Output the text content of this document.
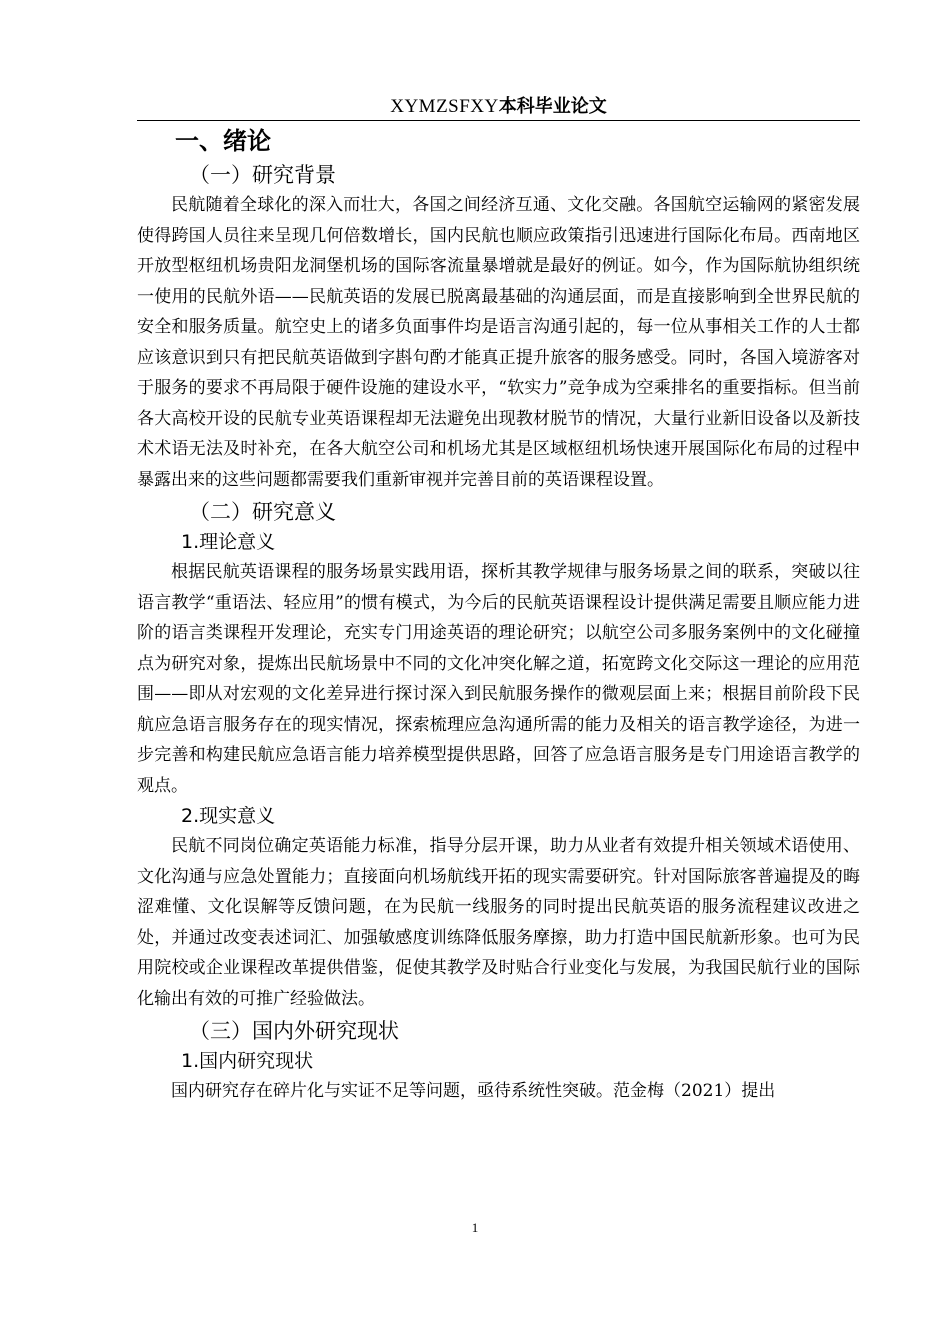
XYMZSFXY本科毕业论文
一、绪论
（一）研究背景

民航随着全球化的深入而壮大，各国之间经济互通、文化交融。各国航空运输网的紧密发展使得跨国人员往来呈现几何倍数增长，国内民航也顺应政策指引迅速进行国际化布局。西南地区开放型枢纽机场贵阳龙洞堡机场的国际客流量暴增就是最好的例证。如今，作为国际航协组织统一使用的民航外语——民航英语的发展已脱离最基础的沟通层面，而是直接影响到全世界民航的安全和服务质量。航空史上的诸多负面事件均是语言沟通引起的，每一位从事相关工作的人士都应该意识到只有把民航英语做到字斟句酌才能真正提升旅客的服务感受。同时，各国入境游客对于服务的要求不再局限于硬件设施的建设水平，“软实力”竞争成为空乘排名的重要指标。但当前各大高校开设的民航专业英语课程却无法避免出现教材脱节的情况，大量行业新旧设备以及新技术术语无法及时补充，在各大航空公司和机场尤其是区域枢纽机场快速开展国际化布局的过程中暴露出来的这些问题都需要我们重新审视并完善目前的英语课程设置。

（二）研究意义
1.理论意义

根据民航英语课程的服务场景实践用语，探析其教学规律与服务场景之间的联系，突破以往语言教学“重语法、轻应用”的惯有模式，为今后的民航英语课程设计提供满足需要且顺应能力进阶的语言类课程开发理论，充实专门用途英语的理论研究；以航空公司多服务案例中的文化碰撞点为研究对象，提炼出民航场景中不同的文化冲突化解之道，拓宽跨文化交际这一理论的应用范围——即从对宏观的文化差异进行探讨深入到民航服务操作的微观层面上来；根据目前阶段下民航应急语言服务存在的现实情况，探索梳理应急沟通所需的能力及相关的语言教学途径，为进一步完善和构建民航应急语言能力培养模型提供思路，回答了应急语言服务是专门用途语言教学的观点。

2.现实意义

民航不同岗位确定英语能力标准，指导分层开课，助力从业者有效提升相关领域术语使用、文化沟通与应急处置能力；直接面向机场航线开拓的现实需要研究。针对国际旅客普遍提及的晦涩难懂、文化误解等反馈问题，在为民航一线服务的同时提出民航英语的服务流程建议改进之处，并通过改变表述词汇、加强敏感度训练降低服务摩擦，助力打造中国民航新形象。也可为民用院校或企业课程改革提供借鉴，促使其教学及时贴合行业变化与发展，为我国民航行业的国际化输出有效的可推广经验做法。

（三）国内外研究现状
1.国内研究现状

国内研究存在碎片化与实证不足等问题，亟待系统性突破。范金梅（2021）提出

1
